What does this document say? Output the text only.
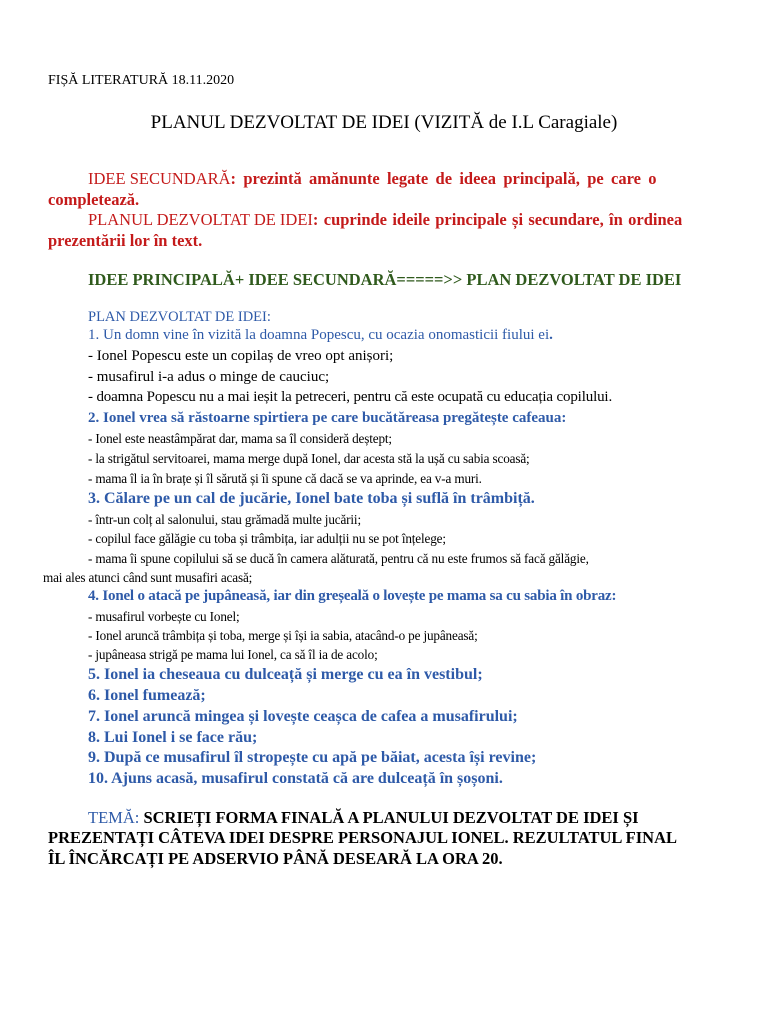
FIȘĂ LITERATURĂ 18.11.2020
PLANUL DEZVOLTAT DE IDEI (VIZITĂ de I.L Caragiale)
IDEE SECUNDARĂ: prezintă amănunte legate de ideea principală, pe care o
completează.
PLANUL DEZVOLTAT DE IDEI: cuprinde ideile principale și secundare, în ordinea
prezentării lor în text.
IDEE PRINCIPALĂ+ IDEE SECUNDARĂ=====>> PLAN DEZVOLTAT DE IDEI
PLAN DEZVOLTAT DE IDEI:
1. Un domn vine în vizită la doamna Popescu, cu ocazia onomasticii fiului ei.
- Ionel Popescu este un copilaș de vreo opt anișori;
- musafirul i-a adus o minge de cauciuc;
- doamna Popescu nu a mai ieșit la petreceri, pentru că este ocupată cu educația copilului.
2. Ionel vrea să răstoarne spirtiera pe care bucătăreasa pregătește cafeaua:
- Ionel este neastâmpărat dar, mama sa îl consideră deștept;
- la strigătul servitoarei, mama merge după Ionel, dar acesta stă la ușă cu sabia scoasă;
- mama îl ia în brațe și îl sărută și îi spune că dacă se va aprinde, ea v-a muri.
3. Călare pe un cal de jucărie, Ionel bate toba și suflă în trâmbiță.
- într-un colț al salonului, stau grămadă multe jucării;
- copilul face gălăgie cu toba și trâmbița, iar adulții nu se pot înțelege;
- mama îi spune copilului să se ducă în camera alăturată, pentru că nu este frumos să facă gălăgie,
mai ales atunci când sunt musafiri acasă;
4. Ionel o atacă pe jupâneasă, iar din greșeală o lovește pe mama sa cu sabia în obraz:
- musafirul vorbește cu Ionel;
- Ionel aruncă trâmbița și toba, merge și își ia sabia, atacând-o pe jupâneasă;
- jupâneasa strigă pe mama lui Ionel, ca să îl ia de acolo;
5. Ionel ia cheseaua cu dulceață și merge cu ea în vestibul;
6. Ionel fumează;
7. Ionel aruncă mingea și lovește ceașca de cafea a musafirului;
8. Lui Ionel i se face rău;
9. După ce musafirul îl stropește cu apă pe băiat, acesta își revine;
10. Ajuns acasă, musafirul constată că are dulceață în șoșoni.
TEMĂ: SCRIEȚI FORMA FINALĂ A PLANULUI DEZVOLTAT DE IDEI ȘI
PREZENTAȚI CÂTEVA IDEI DESPRE PERSONAJUL IONEL. REZULTATUL FINAL
ÎL ÎNCĂRCAȚI PE ADSERVIO PÂNĂ DESEARĂ LA ORA 20.
